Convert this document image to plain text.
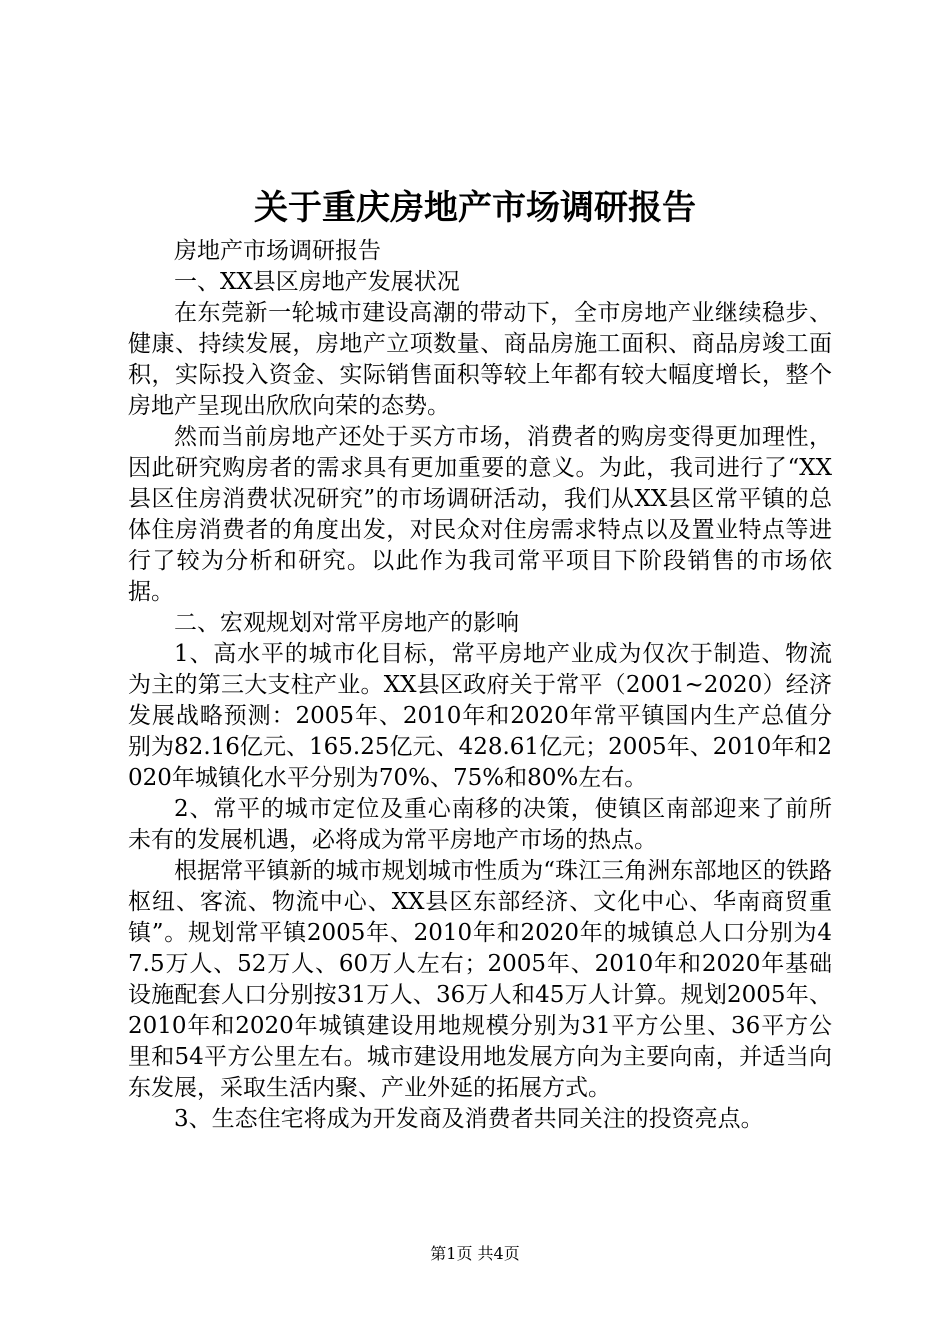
关于重庆房地产市场调研报告

房地产市场调研报告

一、XX县区房地产发展状况

在东莞新一轮城市建设高潮的带动下，全市房地产业继续稳步、健康、持续发展，房地产立项数量、商品房施工面积、商品房竣工面积，实际投入资金、实际销售面积等较上年都有较大幅度增长，整个房地产呈现出欣欣向荣的态势。

然而当前房地产还处于买方市场，消费者的购房变得更加理性，因此研究购房者的需求具有更加重要的意义。为此，我司进行了“XX县区住房消费状况研究”的市场调研活动，我们从XX县区常平镇的总体住房消费者的角度出发，对民众对住房需求特点以及置业特点等进行了较为分析和研究。以此作为我司常平项目下阶段销售的市场依据。

二、宏观规划对常平房地产的影响

1、高水平的城市化目标，常平房地产业成为仅次于制造、物流为主的第三大支柱产业。XX县区政府关于常平（2001~2020）经济发展战略预测：2005年、2010年和2020年常平镇国内生产总值分别为82.16亿元、165.25亿元、428.61亿元；2005年、2010年和2020年城镇化水平分别为70%、75%和80%左右。

2、常平的城市定位及重心南移的决策，使镇区南部迎来了前所未有的发展机遇，必将成为常平房地产市场的热点。

根据常平镇新的城市规划城市性质为“珠江三角洲东部地区的铁路枢纽、客流、物流中心、XX县区东部经济、文化中心、华南商贸重镇”。规划常平镇2005年、2010年和2020年的城镇总人口分别为47.5万人、52万人、60万人左右；2005年、2010年和2020年基础设施配套人口分别按31万人、36万人和45万人计算。规划2005年、2010年和2020年城镇建设用地规模分别为31平方公里、36平方公里和54平方公里左右。城市建设用地发展方向为主要向南，并适当向东发展，采取生活内聚、产业外延的拓展方式。

3、生态住宅将成为开发商及消费者共同关注的投资亮点。

第1页 共4页
